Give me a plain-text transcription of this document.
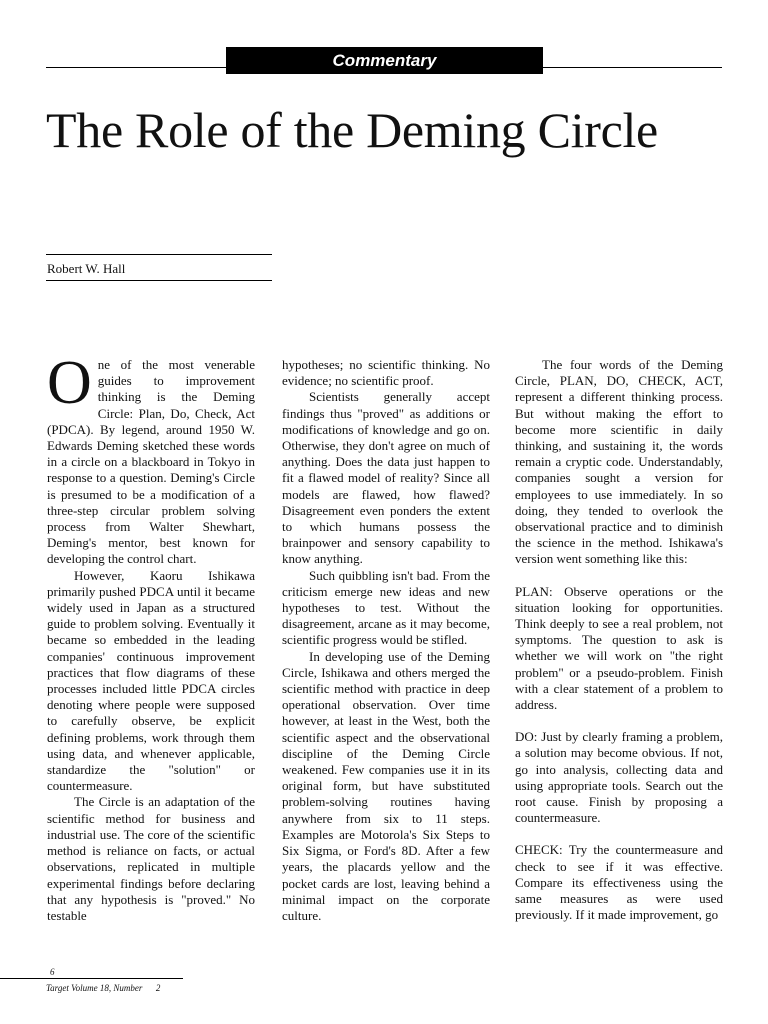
Commentary
The Role of the Deming Circle
Robert W. Hall

One of the most venerable guides to improvement thinking is the Deming Circle: Plan, Do, Check, Act (PDCA). By legend, around 1950 W. Edwards Deming sketched these words in a circle on a blackboard in Tokyo in response to a question. Deming's Circle is presumed to be a modification of a three-step circular problem solving process from Walter Shewhart, Deming's mentor, best known for developing the control chart.

However, Kaoru Ishikawa primarily pushed PDCA until it became widely used in Japan as a structured guide to problem solving. Eventually it became so embedded in the leading companies' continuous improvement practices that flow diagrams of these processes included little PDCA circles denoting where people were supposed to carefully observe, be explicit defining problems, work through them using data, and whenever applicable, standardize the "solution" or countermeasure.

The Circle is an adaptation of the scientific method for business and industrial use. The core of the scientific method is reliance on facts, or actual observations, replicated in multiple experimental findings before declaring that any hypothesis is "proved." No testable

hypotheses; no scientific thinking. No evidence; no scientific proof.

Scientists generally accept findings thus "proved" as additions or modifications of knowledge and go on. Otherwise, they don't agree on much of anything. Does the data just happen to fit a flawed model of reality? Since all models are flawed, how flawed? Disagreement even ponders the extent to which humans possess the brainpower and sensory capability to know anything.

Such quibbling isn't bad. From the criticism emerge new ideas and new hypotheses to test. Without the disagreement, arcane as it may become, scientific progress would be stifled.

In developing use of the Deming Circle, Ishikawa and others merged the scientific method with practice in deep operational observation. Over time however, at least in the West, both the scientific aspect and the observational discipline of the Deming Circle weakened. Few companies use it in its original form, but have substituted problem-solving routines having anywhere from six to 11 steps. Examples are Motorola's Six Steps to Six Sigma, or Ford's 8D. After a few years, the placards yellow and the pocket cards are lost, leaving behind a minimal impact on the corporate culture.

The four words of the Deming Circle, PLAN, DO, CHECK, ACT, represent a different thinking process. But without making the effort to become more scientific in daily thinking, and sustaining it, the words remain a cryptic code. Understandably, companies sought a version for employees to use immediately. In so doing, they tended to overlook the observational practice and to diminish the science in the method. Ishikawa's version went something like this:

PLAN: Observe operations or the situation looking for opportunities. Think deeply to see a real problem, not symptoms. The question to ask is whether we will work on "the right problem" or a pseudo-problem. Finish with a clear statement of a problem to address.

DO: Just by clearly framing a problem, a solution may become obvious. If not, go into analysis, collecting data and using appropriate tools. Search out the root cause. Finish by proposing a countermeasure.

CHECK: Try the countermeasure and check to see if it was effective. Compare its effectiveness using the same measures as were used previously. If it made improvement, go

6
Target Volume 18, Number 2
